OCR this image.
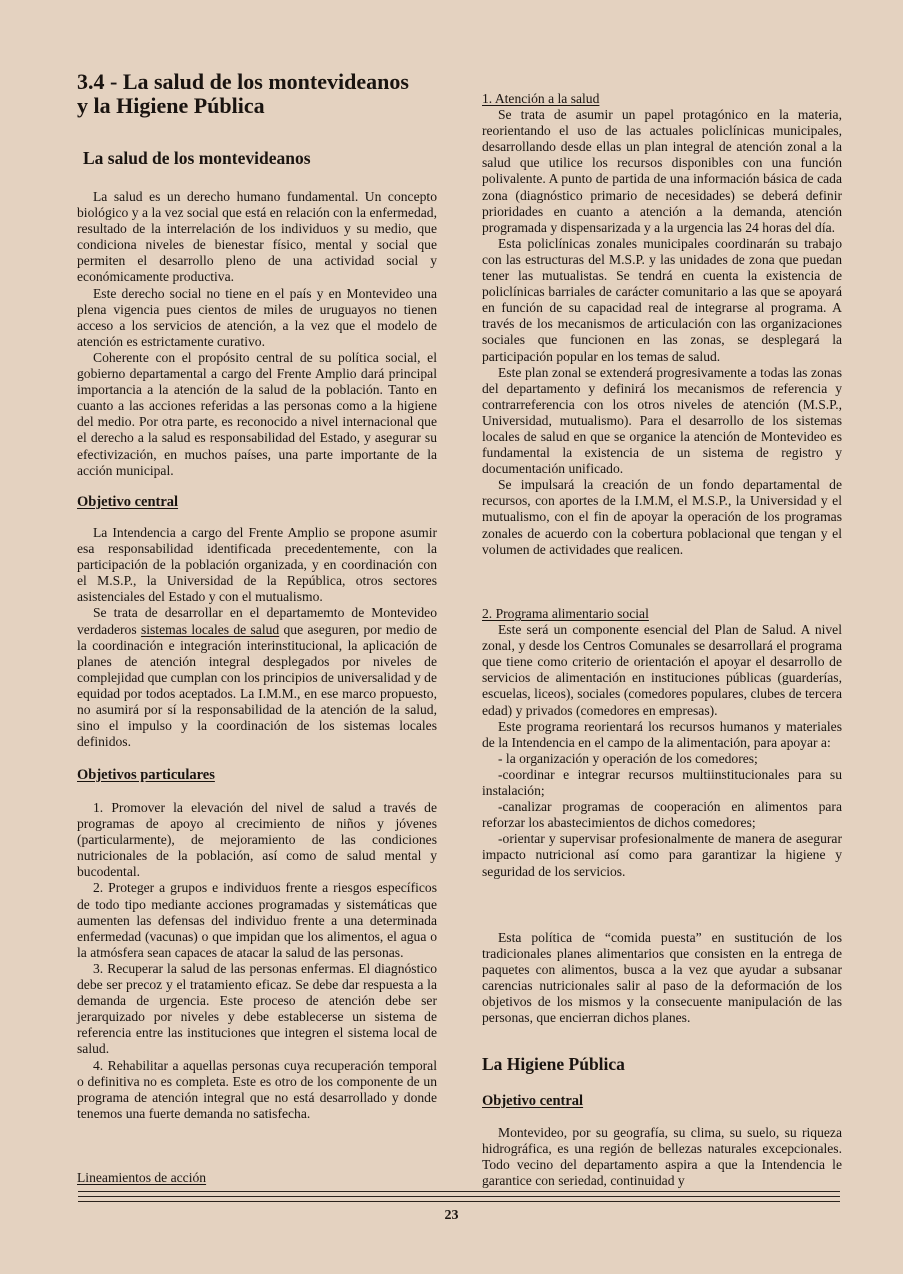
3.4 - La salud de los montevideanos
y la Higiene Pública
La salud de los montevideanos

La salud es un derecho humano fundamental. Un concepto biológico y a la vez social que está en relación con la enfermedad, resultado de la interrelación de los individuos y su medio, que condiciona niveles de bienestar físico, mental y social que permiten el desarrollo pleno de una actividad social y económicamente productiva.

Este derecho social no tiene en el país y en Montevideo una plena vigencia pues cientos de miles de uruguayos no tienen acceso a los servicios de atención, a la vez que el modelo de atención es estrictamente curativo.

Coherente con el propósito central de su política social, el gobierno departamental a cargo del Frente Amplio dará principal importancia a la atención de la salud de la población. Tanto en cuanto a las acciones referidas a las personas como a la higiene del medio. Por otra parte, es reconocido a nivel internacional que el derecho a la salud es responsabilidad del Estado, y asegurar su efectivización, en muchos países, una parte importante de la acción municipal.

Objetivo central

La Intendencia a cargo del Frente Amplio se propone asumir esa responsabilidad identificada precedentemente, con la participación de la población organizada, y en coordinación con el M.S.P., la Universidad de la República, otros sectores asistenciales del Estado y con el mutualismo.

Se trata de desarrollar en el departamemto de Montevideo verdaderos sistemas locales de salud que aseguren, por medio de la coordinación e integración interinstitucional, la aplicación de planes de atención integral desplegados por niveles de complejidad que cumplan con los principios de universalidad y de equidad por todos aceptados. La I.M.M., en ese marco propuesto, no asumirá por sí la responsabilidad de la atención de la salud, sino el impulso y la coordinación de los sistemas locales definidos.

Objetivos particulares

1. Promover la elevación del nivel de salud a través de programas de apoyo al crecimiento de niños y jóvenes (particularmente), de mejoramiento de las condiciones nutricionales de la población, así como de salud mental y bucodental.

2. Proteger a grupos e individuos frente a riesgos específicos de todo tipo mediante acciones programadas y sistemáticas que aumenten las defensas del individuo frente a una determinada enfermedad (vacunas) o que impidan que los alimentos, el agua o la atmósfera sean capaces de atacar la salud de las personas.

3. Recuperar la salud de las personas enfermas. El diagnóstico debe ser precoz y el tratamiento eficaz. Se debe dar respuesta a la demanda de urgencia. Este proceso de atención debe ser jerarquizado por niveles y debe establecerse un sistema de referencia entre las instituciones que integren el sistema local de salud.

4. Rehabilitar a aquellas personas cuya recuperación temporal o definitiva no es completa. Este es otro de los componente de un programa de atención integral que no está desarrollado y donde tenemos una fuerte demanda no satisfecha.

Lineamientos de acción

1. Atención a la salud

Se trata de asumir un papel protagónico en la materia, reorientando el uso de las actuales policlínicas municipales, desarrollando desde ellas un plan integral de atención zonal a la salud que utilice los recursos disponibles con una función polivalente. A punto de partida de una información básica de cada zona (diagnóstico primario de necesidades) se deberá definir prioridades en cuanto a atención a la demanda, atención programada y dispensarizada y a la urgencia las 24 horas del día.

Esta policlínicas zonales municipales coordinarán su trabajo con las estructuras del M.S.P. y las unidades de zona que puedan tener las mutualistas. Se tendrá en cuenta la existencia de policlínicas barriales de carácter comunitario a las que se apoyará en función de su capacidad real de integrarse al programa. A través de los mecanismos de articulación con las organizaciones sociales que funcionen en las zonas, se desplegará la participación popular en los temas de salud.

Este plan zonal se extenderá progresivamente a todas las zonas del departamento y definirá los mecanismos de referencia y contrarreferencia con los otros niveles de atención (M.S.P., Universidad, mutualismo). Para el desarrollo de los sistemas locales de salud en que se organice la atención de Montevideo es fundamental la existencia de un sistema de registro y documentación unificado.

Se impulsará la creación de un fondo departamental de recursos, con aportes de la I.M.M, el M.S.P., la Universidad y el mutualismo, con el fin de apoyar la operación de los programas zonales de acuerdo con la cobertura poblacional que tengan y el volumen de actividades que realicen.

2. Programa alimentario social

Este será un componente esencial del Plan de Salud. A nivel zonal, y desde los Centros Comunales se desarrollará el programa que tiene como criterio de orientación el apoyar el desarrollo de servicios de alimentación en instituciones públicas (guarderías, escuelas, liceos), sociales (comedores populares, clubes de tercera edad) y privados (comedores en empresas).

Este programa reorientará los recursos humanos y materiales de la Intendencia en el campo de la alimentación, para apoyar a:

- la organización y operación de los comedores;

-coordinar e integrar recursos multiinstitucionales para su instalación;

-canalizar programas de cooperación en alimentos para reforzar los abastecimientos de dichos comedores;

-orientar y supervisar profesionalmente de manera de asegurar impacto nutricional así como para garantizar la higiene y seguridad de los servicios.

Esta política de “comida puesta” en sustitución de los tradicionales planes alimentarios que consisten en la entrega de paquetes con alimentos, busca a la vez que ayudar a subsanar carencias nutricionales salir al paso de la deformación de los objetivos de los mismos y la consecuente manipulación de las personas, que encierran dichos planes.

La Higiene Pública
Objetivo central

Montevideo, por su geografía, su clima, su suelo, su riqueza hidrográfica, es una región de bellezas naturales excepcionales. Todo vecino del departamento aspira a que la Intendencia le garantice con seriedad, continuidad y

23
